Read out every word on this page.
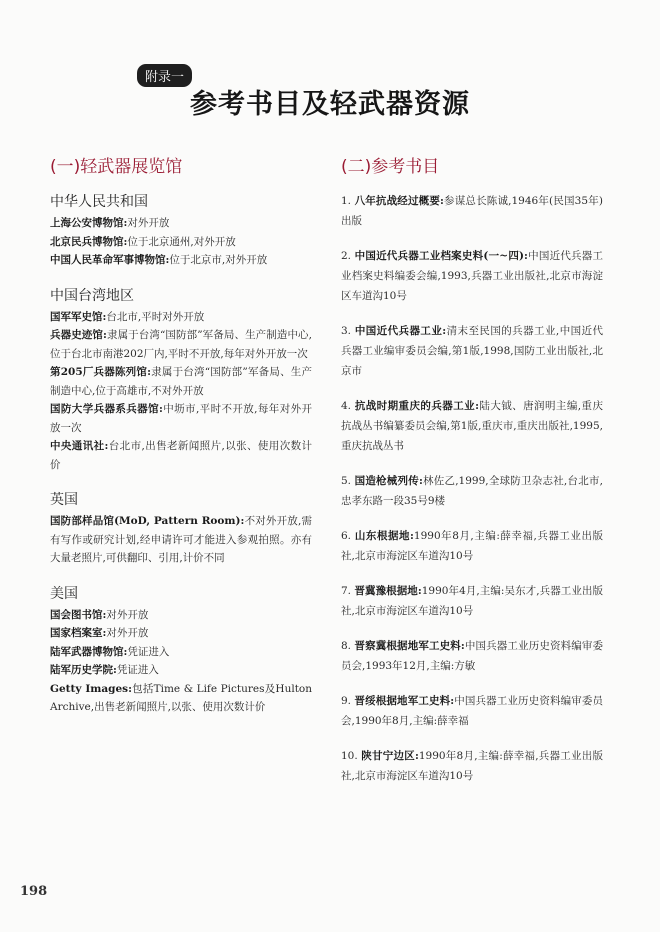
附录一
参考书目及轻武器资源
(一)轻武器展览馆
中华人民共和国

上海公安博物馆:对外开放

北京民兵博物馆:位于北京通州,对外开放

中国人民革命军事博物馆:位于北京市,对外开放

中国台湾地区

国军军史馆:台北市,平时对外开放

兵器史迹馆:隶属于台湾“国防部”军备局、生产制造中心,位于台北市南港202厂内,平时不开放,每年对外开放一次

第205厂兵器陈列馆:隶属于台湾“国防部”军备局、生产制造中心,位于高雄市,不对外开放

国防大学兵器系兵器馆:中坜市,平时不开放,每年对外开放一次

中央通讯社:台北市,出售老新闻照片,以张、使用次数计价

英国

国防部样品馆(MoD, Pattern Room):不对外开放,需有写作或研究计划,经申请许可才能进入参观拍照。亦有大量老照片,可供翻印、引用,计价不同

美国

国会图书馆:对外开放

国家档案室:对外开放

陆军武器博物馆:凭证进入

陆军历史学院:凭证进入

Getty Images:包括Time & Life Pictures及Hulton Archive,出售老新闻照片,以张、使用次数计价

(二)参考书目

1. 八年抗战经过概要:参谋总长陈诚,1946年(民国35年)出版

2. 中国近代兵器工业档案史料(一~四):中国近代兵器工业档案史料编委会编,1993,兵器工业出版社,北京市海淀区车道沟10号

3. 中国近代兵器工业:清末至民国的兵器工业,中国近代兵器工业编审委员会编,第1版,1998,国防工业出版社,北京市

4. 抗战时期重庆的兵器工业:陆大钺、唐润明主编,重庆抗战丛书编纂委员会编,第1版,重庆市,重庆出版社,1995,重庆抗战丛书

5. 国造枪械列传:林佐乙,1999,全球防卫杂志社,台北市,忠孝东路一段35号9楼

6. 山东根据地:1990年8月,主编:薛幸福,兵器工业出版社,北京市海淀区车道沟10号

7. 晋冀豫根据地:1990年4月,主编:吴东才,兵器工业出版社,北京市海淀区车道沟10号

8. 晋察冀根据地军工史料:中国兵器工业历史资料编审委员会,1993年12月,主编:方敏

9. 晋绥根据地军工史料:中国兵器工业历史资料编审委员会,1990年8月,主编:薛幸福

10. 陕甘宁边区:1990年8月,主编:薛幸福,兵器工业出版社,北京市海淀区车道沟10号

198
